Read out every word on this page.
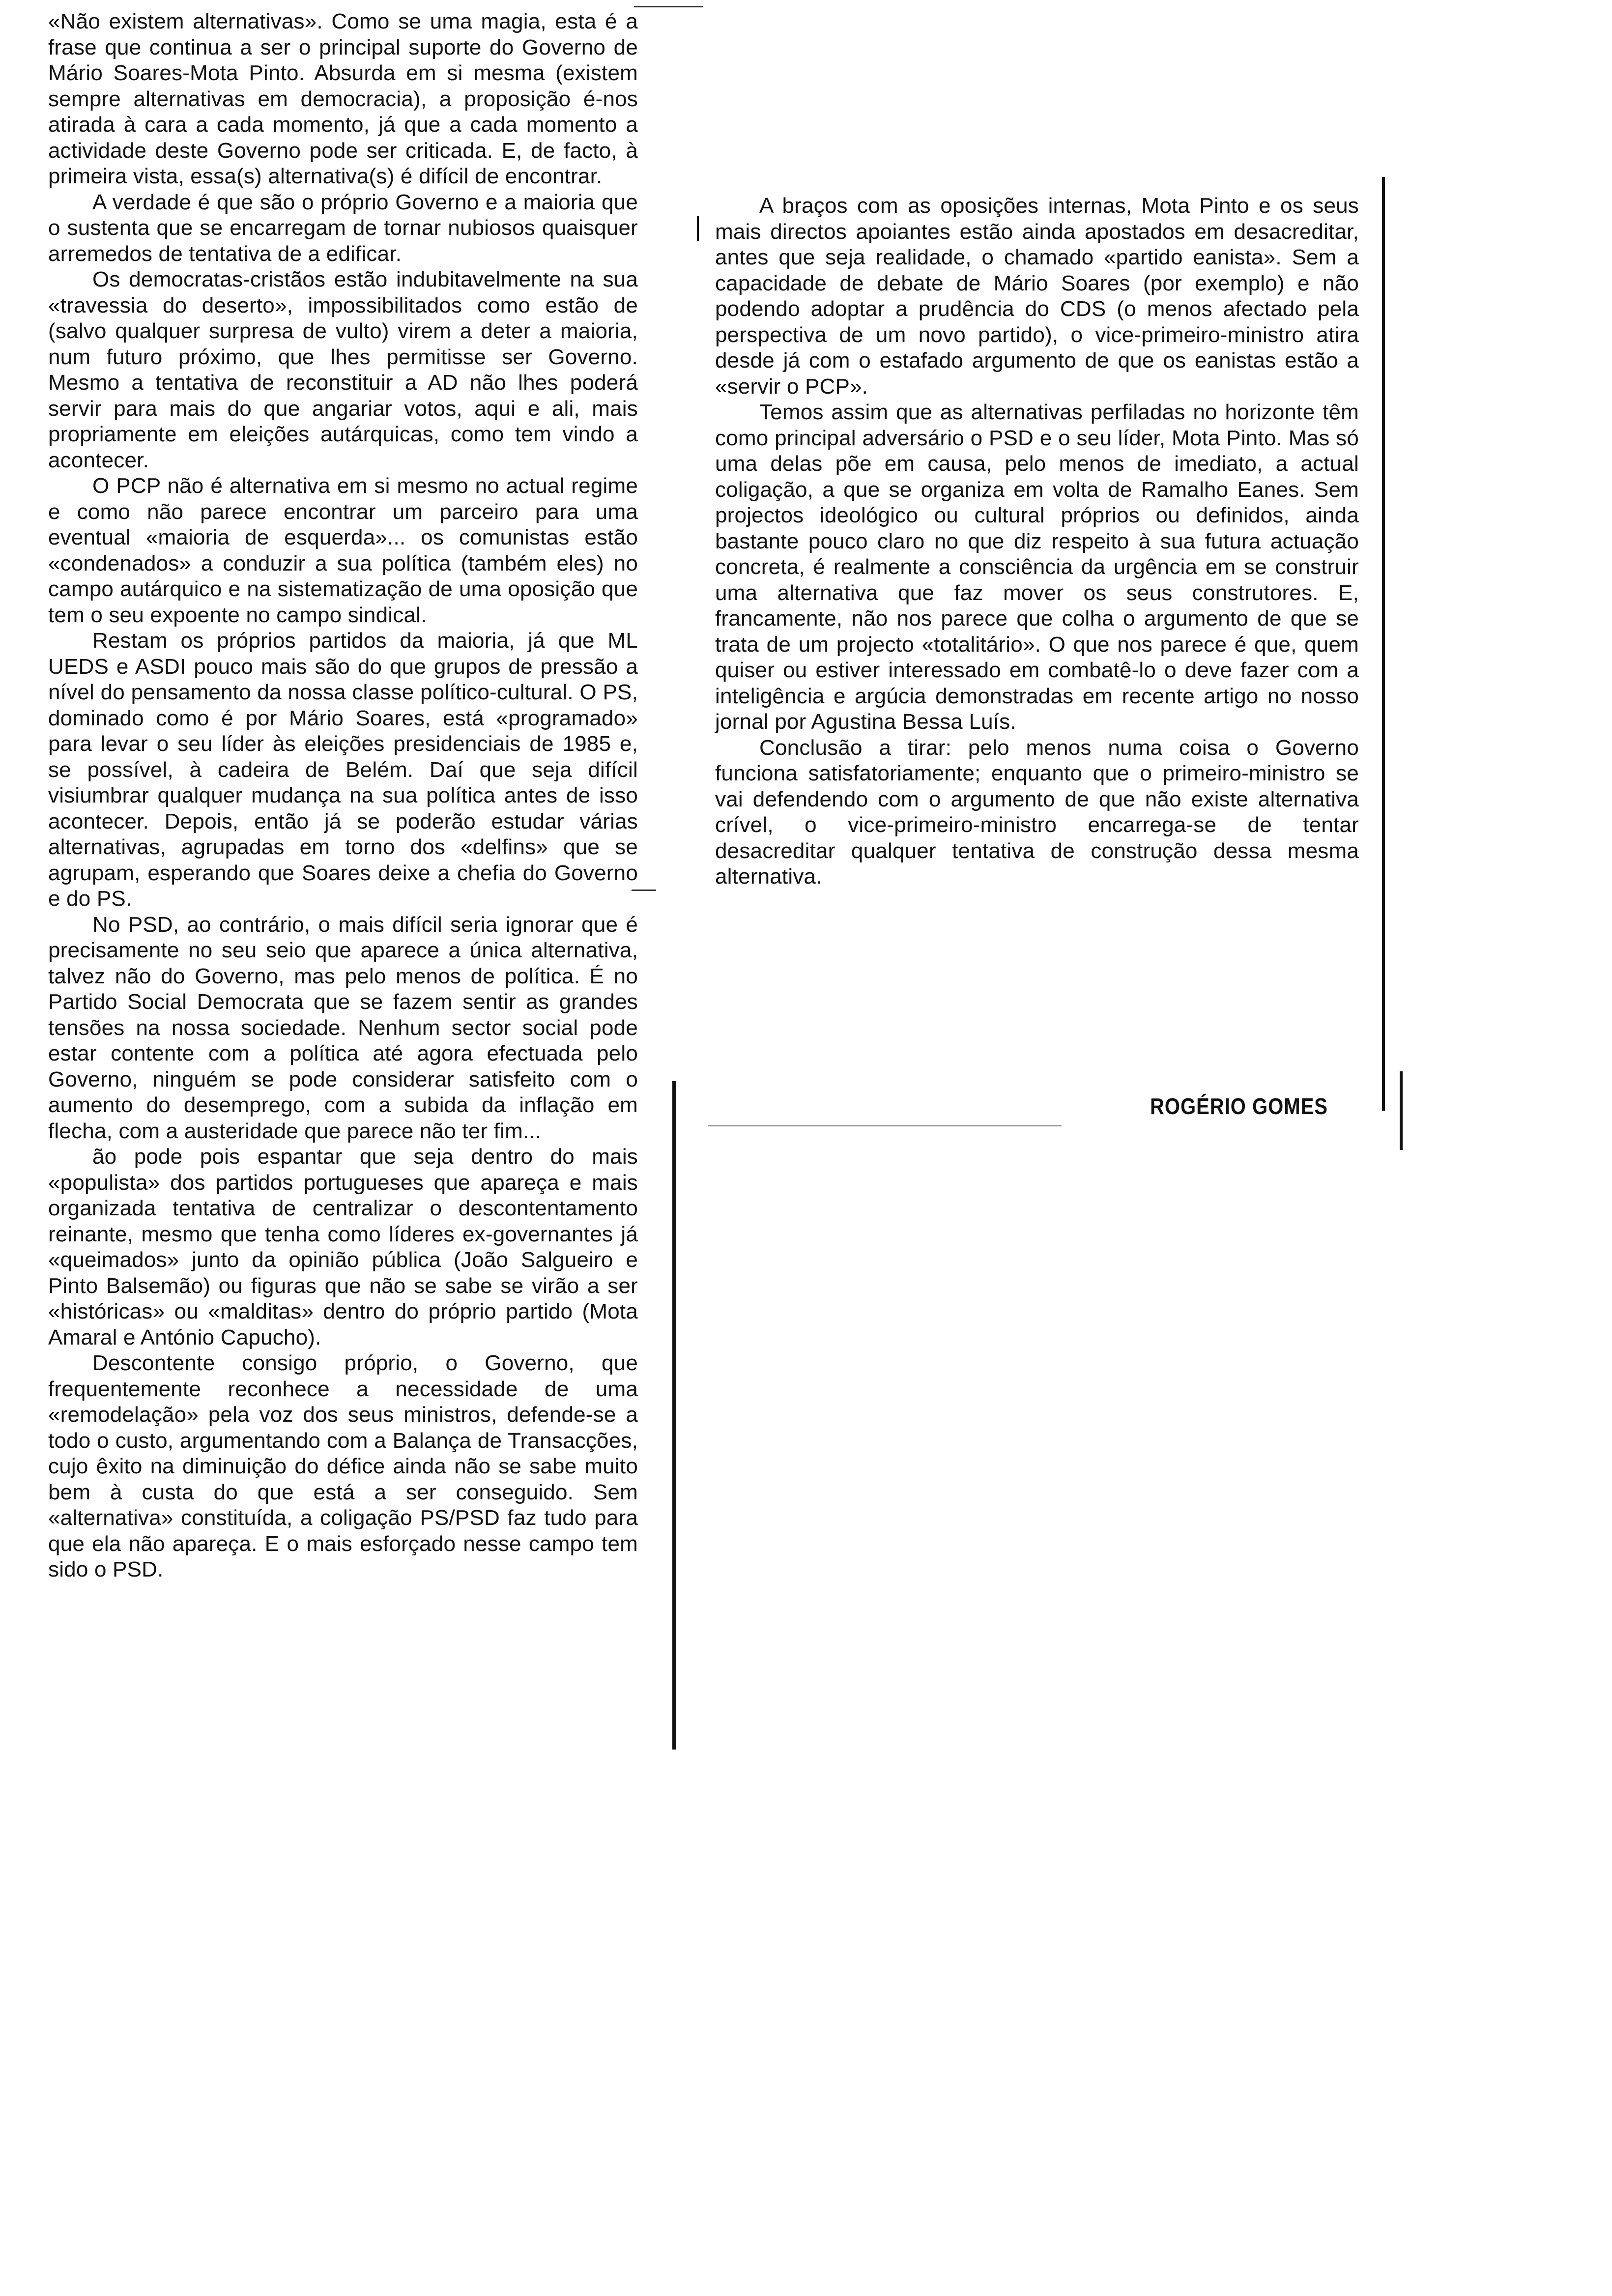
«Não existem alternativas». Como se uma magia, esta é a frase que continua a ser o principal suporte do Governo de Mário Soares-Mota Pinto. Absurda em si mesma (existem sempre alternativas em democracia), a proposição é-nos atirada à cara a cada momento, já que a cada momento a actividade deste Governo pode ser criticada. E, de facto, à primeira vista, essa(s) alternativa(s) é difícil de encontrar.

A verdade é que são o próprio Governo e a maioria que o sustenta que se encarregam de tornar nubiosos quaisquer arremedos de tentativa de a edificar.

Os democratas-cristãos estão indubitavelmente na sua «travessia do deserto», impossibilitados como estão de (salvo qualquer surpresa de vulto) virem a deter a maioria, num futuro próximo, que lhes permitisse ser Governo. Mesmo a tentativa de reconstituir a AD não lhes poderá servir para mais do que angariar votos, aqui e ali, mais propriamente em eleições autárquicas, como tem vindo a acontecer.

O PCP não é alternativa em si mesmo no actual regime e como não parece encontrar um parceiro para uma eventual «maioria de esquerda»... os comunistas estão «condenados» a conduzir a sua política (também eles) no campo autárquico e na sistematização de uma oposição que tem o seu expoente no campo sindical.

Restam os próprios partidos da maioria, já que ML UEDS e ASDI pouco mais são do que grupos de pressão a nível do pensamento da nossa classe político-cultural. O PS, dominado como é por Mário Soares, está «programado» para levar o seu líder às eleições presidenciais de 1985 e, se possível, à cadeira de Belém. Daí que seja difícil visiumbrar qualquer mudança na sua política antes de isso acontecer. Depois, então já se poderão estudar várias alternativas, agrupadas em torno dos «delfins» que se agrupam, esperando que Soares deixe a chefia do Governo e do PS.

No PSD, ao contrário, o mais difícil seria ignorar que é precisamente no seu seio que aparece a única alternativa, talvez não do Governo, mas pelo menos de política. É no Partido Social Democrata que se fazem sentir as grandes tensões na nossa sociedade. Nenhum sector social pode estar contente com a política até agora efectuada pelo Governo, ninguém se pode considerar satisfeito com o aumento do desemprego, com a subida da inflação em flecha, com a austeridade que parece não ter fim...

ão pode pois espantar que seja dentro do mais «populista» dos partidos portugueses que apareça e mais organizada tentativa de centralizar o descontentamento reinante, mesmo que tenha como líderes ex-governantes já «queimados» junto da opinião pública (João Salgueiro e Pinto Balsemão) ou figuras que não se sabe se virão a ser «históricas» ou «malditas» dentro do próprio partido (Mota Amaral e António Capucho).

Descontente consigo próprio, o Governo, que frequentemente reconhece a necessidade de uma «remodelação» pela voz dos seus ministros, defende-se a todo o custo, argumentando com a Balança de Transacções, cujo êxito na diminuição do défice ainda não se sabe muito bem à custa do que está a ser conseguido. Sem «alternativa» constituída, a coligação PS/PSD faz tudo para que ela não apareça. E o mais esforçado nesse campo tem sido o PSD.

A braços com as oposições internas, Mota Pinto e os seus mais directos apoiantes estão ainda apostados em desacreditar, antes que seja realidade, o chamado «partido eanista». Sem a capacidade de debate de Mário Soares (por exemplo) e não podendo adoptar a prudência do CDS (o menos afectado pela perspectiva de um novo partido), o vice-primeiro-ministro atira desde já com o estafado argumento de que os eanistas estão a «servir o PCP».

Temos assim que as alternativas perfiladas no horizonte têm como principal adversário o PSD e o seu líder, Mota Pinto. Mas só uma delas põe em causa, pelo menos de imediato, a actual coligação, a que se organiza em volta de Ramalho Eanes. Sem projectos ideológico ou cultural próprios ou definidos, ainda bastante pouco claro no que diz respeito à sua futura actuação concreta, é realmente a consciência da urgência em se construir uma alternativa que faz mover os seus construtores. E, francamente, não nos parece que colha o argumento de que se trata de um projecto «totalitário». O que nos parece é que, quem quiser ou estiver interessado em combatê-lo o deve fazer com a inteligência e argúcia demonstradas em recente artigo no nosso jornal por Agustina Bessa Luís.

Conclusão a tirar: pelo menos numa coisa o Governo funciona satisfatoriamente; enquanto que o primeiro-ministro se vai defendendo com o argumento de que não existe alternativa crível, o vice-primeiro-ministro encarrega-se de tentar desacreditar qualquer tentativa de construção dessa mesma alternativa.

ROGÉRIO GOMES
